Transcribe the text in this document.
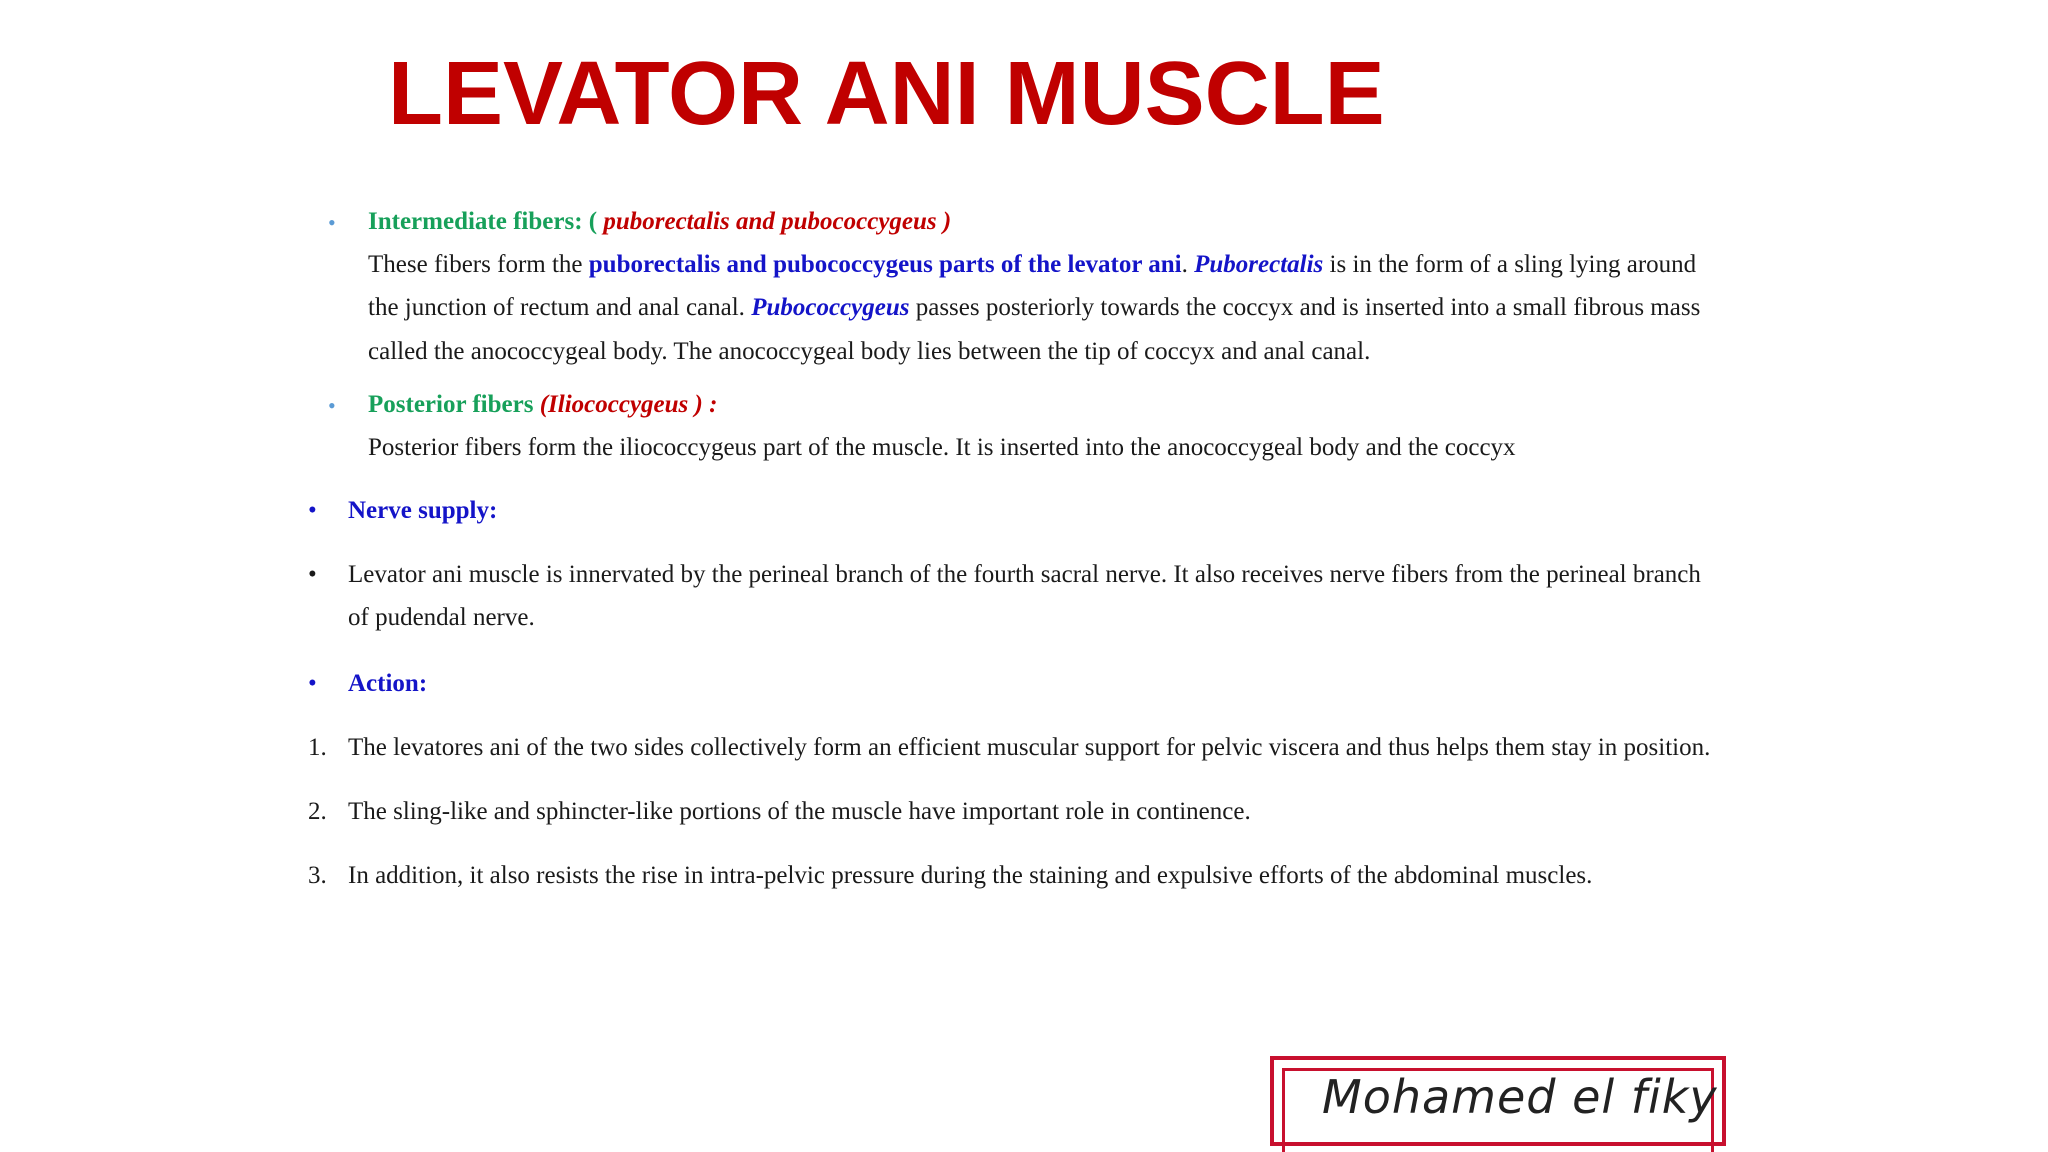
LEVATOR ANI MUSCLE
• Intermediate fibers: ( puborectalis and pubococcygeus )
These fibers form the puborectalis and pubococcygeus parts of the levator ani. Puborectalis is in the form of a sling lying around
the junction of rectum and anal canal. Pubococcygeus passes posteriorly towards the coccyx and is inserted into a small fibrous mass
called the anococcygeal body. The anococcygeal body lies between the tip of coccyx and anal canal.
• Posterior fibers (Iliococcygeus ) :
Posterior fibers form the iliococcygeus part of the muscle. It is inserted into the anococcygeal body and the coccyx
• Nerve supply:
• Levator ani muscle is innervated by the perineal branch of the fourth sacral nerve. It also receives nerve fibers from the perineal branch
of pudendal nerve.
• Action:
1. The levatores ani of the two sides collectively form an efficient muscular support for pelvic viscera and thus helps them stay in position.
2. The sling-like and sphincter-like portions of the muscle have important role in continence.
3. In addition, it also resists the rise in intra-pelvic pressure during the staining and expulsive efforts of the abdominal muscles.
Mohamed el fiky
